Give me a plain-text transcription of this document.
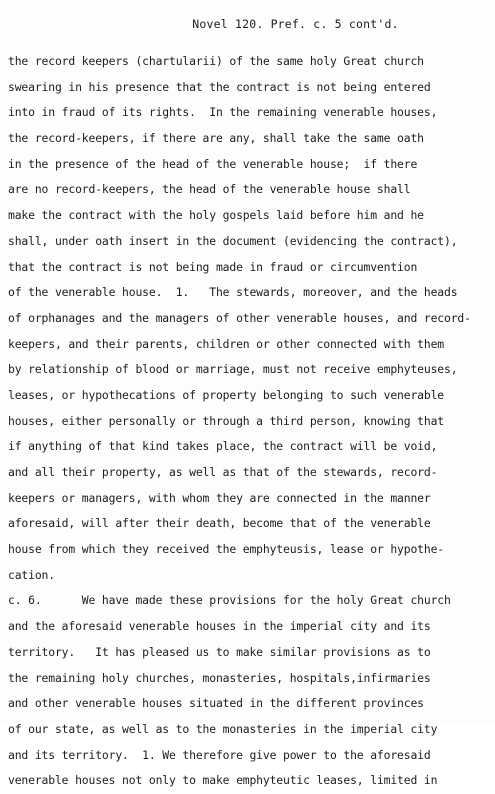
Novel 120. Pref. c. 5 cont'd.
the record keepers (chartularii) of the same holy Great church
swearing in his presence that the contract is not being entered
into in fraud of its rights.  In the remaining venerable houses,
the record-keepers, if there are any, shall take the same oath
in the presence of the head of the venerable house;  if there
are no record-keepers, the head of the venerable house shall
make the contract with the holy gospels laid before him and he
shall, under oath insert in the document (evidencing the contract),
that the contract is not being made in fraud or circumvention
of the venerable house.  1.   The stewards, moreover, and the heads
of orphanages and the managers of other venerable houses, and record-
keepers, and their parents, children or other connected with them
by relationship of blood or marriage, must not receive emphyteuses,
leases, or hypothecations of property belonging to such venerable
houses, either personally or through a third person, knowing that
if anything of that kind takes place, the contract will be void,
and all their property, as well as that of the stewards, record-
keepers or managers, with whom they are connected in the manner
aforesaid, will after their death, become that of the venerable
house from which they received the emphyteusis, lease or hypothe-
cation.
c. 6.      We have made these provisions for the holy Great church
and the aforesaid venerable houses in the imperial city and its
territory.   It has pleased us to make similar provisions as to
the remaining holy churches, monasteries, hospitals,infirmaries
and other venerable houses situated in the different provinces
of our state, as well as to the monasteries in the imperial city
and its territory.  1. We therefore give power to the aforesaid
venerable houses not only to make emphyteutic leases, limited in
